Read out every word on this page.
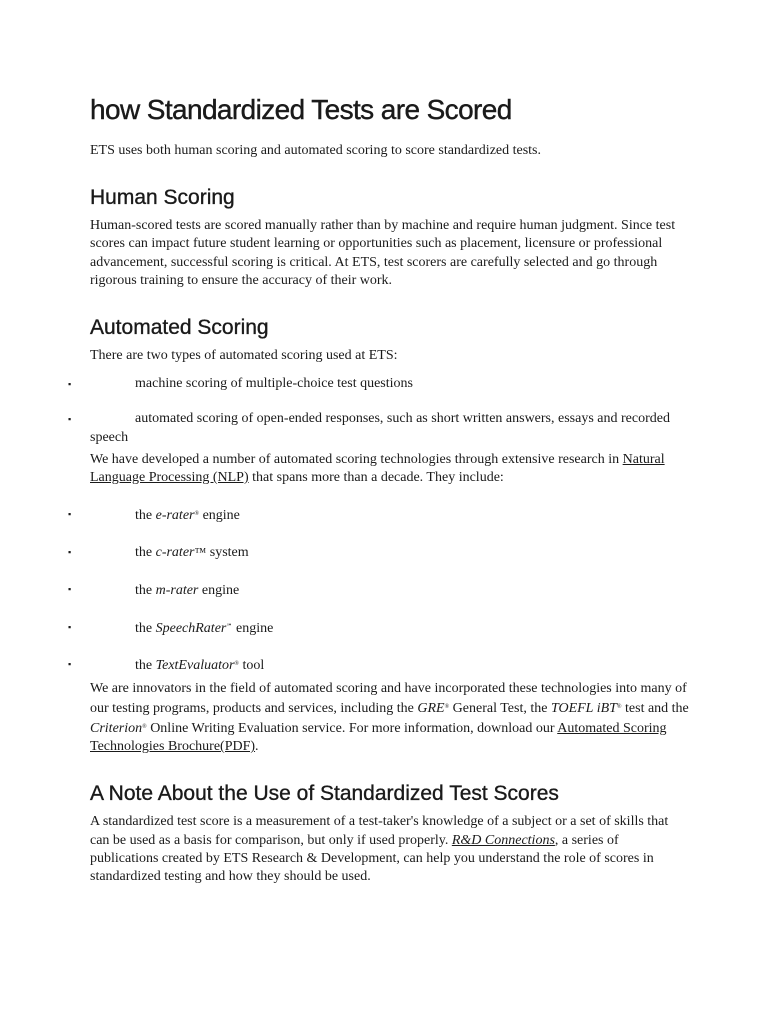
how Standardized Tests are Scored

ETS uses both human scoring and automated scoring to score standardized tests.

Human Scoring

Human-scored tests are scored manually rather than by machine and require human judgment. Since test scores can impact future student learning or opportunities such as placement, licensure or professional advancement, successful scoring is critical. At ETS, test scorers are carefully selected and go through rigorous training to ensure the accuracy of their work.

Automated Scoring

There are two types of automated scoring used at ETS:

▪	machine scoring of multiple-choice test questions
▪	automated scoring of open-ended responses, such as short written answers, essays and recorded speech

We have developed a number of automated scoring technologies through extensive research in Natural Language Processing (NLP) that spans more than a decade. They include:

▪	the e-rater® engine
▪	the c-rater™ system
▪	the m-rater engine
▪	the SpeechRater℠ engine
▪	the TextEvaluator® tool

We are innovators in the field of automated scoring and have incorporated these technologies into many of our testing programs, products and services, including the GRE® General Test, the TOEFL iBT® test and the Criterion® Online Writing Evaluation service. For more information, download our Automated Scoring Technologies Brochure(PDF).

A Note About the Use of Standardized Test Scores

A standardized test score is a measurement of a test-taker's knowledge of a subject or a set of skills that can be used as a basis for comparison, but only if used properly. R&D Connections, a series of publications created by ETS Research & Development, can help you understand the role of scores in standardized testing and how they should be used.
